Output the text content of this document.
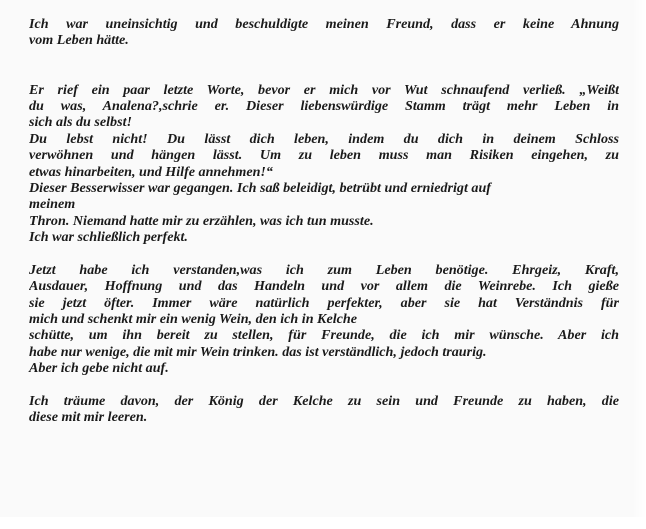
Ich war uneinsichtig und beschuldigte meinen Freund, dass er keine Ahnung
vom Leben hätte.
Er rief ein paar letzte Worte, bevor er mich vor Wut schnaufend verließ. „Weißt
du was, Analena?,schrie er. Dieser liebenswürdige Stamm trägt mehr Leben in
sich als du selbst!
Du lebst nicht! Du lässt dich leben, indem du dich in deinem Schloss
verwöhnen und hängen lässt. Um zu leben muss man Risiken eingehen, zu
etwas hinarbeiten, und Hilfe annehmen!“
Dieser Besserwisser war gegangen. Ich saß beleidigt, betrübt und erniedrigt auf
meinem
Thron. Niemand hatte mir zu erzählen, was ich tun musste.
Ich war schließlich perfekt.
Jetzt habe ich verstanden,was ich zum Leben benötige. Ehrgeiz, Kraft,
Ausdauer, Hoffnung und das Handeln und vor allem die Weinrebe. Ich gieße
sie jetzt öfter. Immer wäre natürlich perfekter, aber sie hat Verständnis für
mich und schenkt mir ein wenig Wein, den ich in Kelche
schütte, um ihn bereit zu stellen, für Freunde, die ich mir wünsche. Aber ich
habe nur wenige, die mit mir Wein trinken. das ist verständlich, jedoch traurig.
Aber ich gebe nicht auf.
Ich träume davon, der König der Kelche zu sein und Freunde zu haben, die
diese mit mir leeren.
